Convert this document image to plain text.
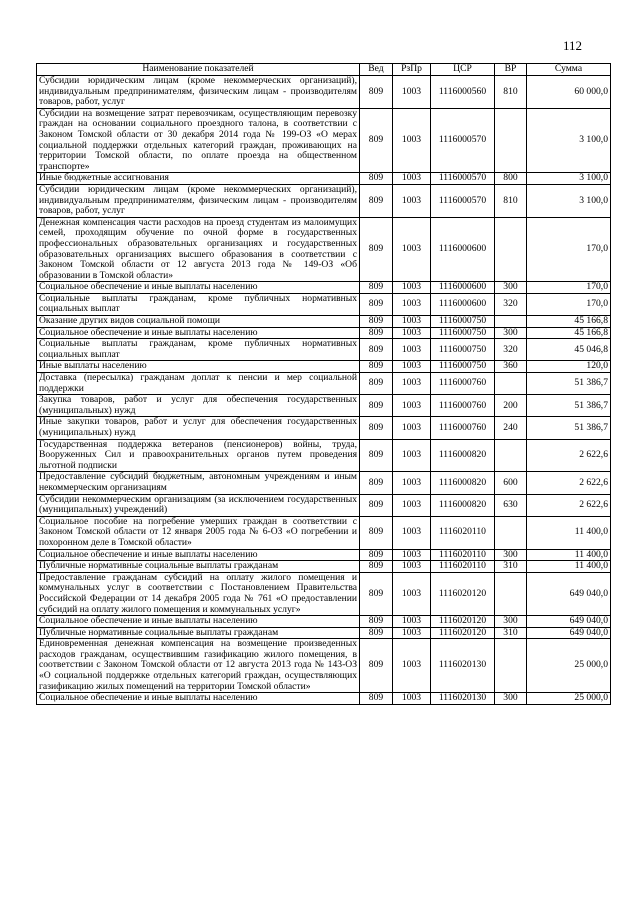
112
Наименование показателей	Вед	РзПр	ЦСР	ВР	Сумма
Субсидии юридическим лицам (кроме некоммерческих организаций), индивидуальным предпринимателям, физическим лицам - производителям товаров, работ, услуг	809	1003	1116000560	810	60 000,0
Субсидии на возмещение затрат перевозчикам, осуществляющим перевозку граждан на основании социального проездного талона, в соответствии с Законом Томской области от 30 декабря 2014 года № 199-ОЗ «О мерах социальной поддержки отдельных категорий граждан, проживающих на территории Томской области, по оплате проезда на общественном транспорте»	809	1003	1116000570		3 100,0
Иные бюджетные ассигнования	809	1003	1116000570	800	3 100,0
Субсидии юридическим лицам (кроме некоммерческих организаций), индивидуальным предпринимателям, физическим лицам - производителям товаров, работ, услуг	809	1003	1116000570	810	3 100,0
Денежная компенсация части расходов на проезд студентам из малоимущих семей, проходящим обучение по очной форме в государственных профессиональных образовательных организациях и государственных образовательных организациях высшего образования в соответствии с Законом Томской области от 12 августа 2013 года № 149-ОЗ «Об образовании в Томской области»	809	1003	1116000600		170,0
Социальное обеспечение и иные выплаты населению	809	1003	1116000600	300	170,0
Социальные выплаты гражданам, кроме публичных нормативных социальных выплат	809	1003	1116000600	320	170,0
Оказание других видов социальной помощи	809	1003	1116000750		45 166,8
Социальное обеспечение и иные выплаты населению	809	1003	1116000750	300	45 166,8
Социальные выплаты гражданам, кроме публичных нормативных социальных выплат	809	1003	1116000750	320	45 046,8
Иные выплаты населению	809	1003	1116000750	360	120,0
Доставка (пересылка) гражданам доплат к пенсии и мер социальной поддержки	809	1003	1116000760		51 386,7
Закупка товаров, работ и услуг для обеспечения государственных (муниципальных) нужд	809	1003	1116000760	200	51 386,7
Иные закупки товаров, работ и услуг для обеспечения государственных (муниципальных) нужд	809	1003	1116000760	240	51 386,7
Государственная поддержка ветеранов (пенсионеров) войны, труда, Вооруженных Сил и правоохранительных органов путем проведения льготной подписки	809	1003	1116000820		2 622,6
Предоставление субсидий бюджетным, автономным учреждениям и иным некоммерческим организациям	809	1003	1116000820	600	2 622,6
Субсидии некоммерческим организациям (за исключением государственных (муниципальных) учреждений)	809	1003	1116000820	630	2 622,6
Социальное пособие на погребение умерших граждан в соответствии с Законом Томской области от 12 января 2005 года № 6-ОЗ «О погребении и похоронном деле в Томской области»	809	1003	1116020110		11 400,0
Социальное обеспечение и иные выплаты населению	809	1003	1116020110	300	11 400,0
Публичные нормативные социальные выплаты гражданам	809	1003	1116020110	310	11 400,0
Предоставление гражданам субсидий на оплату жилого помещения и коммунальных услуг в соответствии с Постановлением Правительства Российской Федерации от 14 декабря 2005 года № 761 «О предоставлении субсидий на оплату жилого помещения и коммунальных услуг»	809	1003	1116020120		649 040,0
Социальное обеспечение и иные выплаты населению	809	1003	1116020120	300	649 040,0
Публичные нормативные социальные выплаты гражданам	809	1003	1116020120	310	649 040,0
Единовременная денежная компенсация на возмещение произведенных расходов гражданам, осуществившим газификацию жилого помещения, в соответствии с Законом Томской области от 12 августа 2013 года № 143-ОЗ «О социальной поддержке отдельных категорий граждан, осуществляющих газификацию жилых помещений на территории Томской области»	809	1003	1116020130		25 000,0
Социальное обеспечение и иные выплаты населению	809	1003	1116020130	300	25 000,0
